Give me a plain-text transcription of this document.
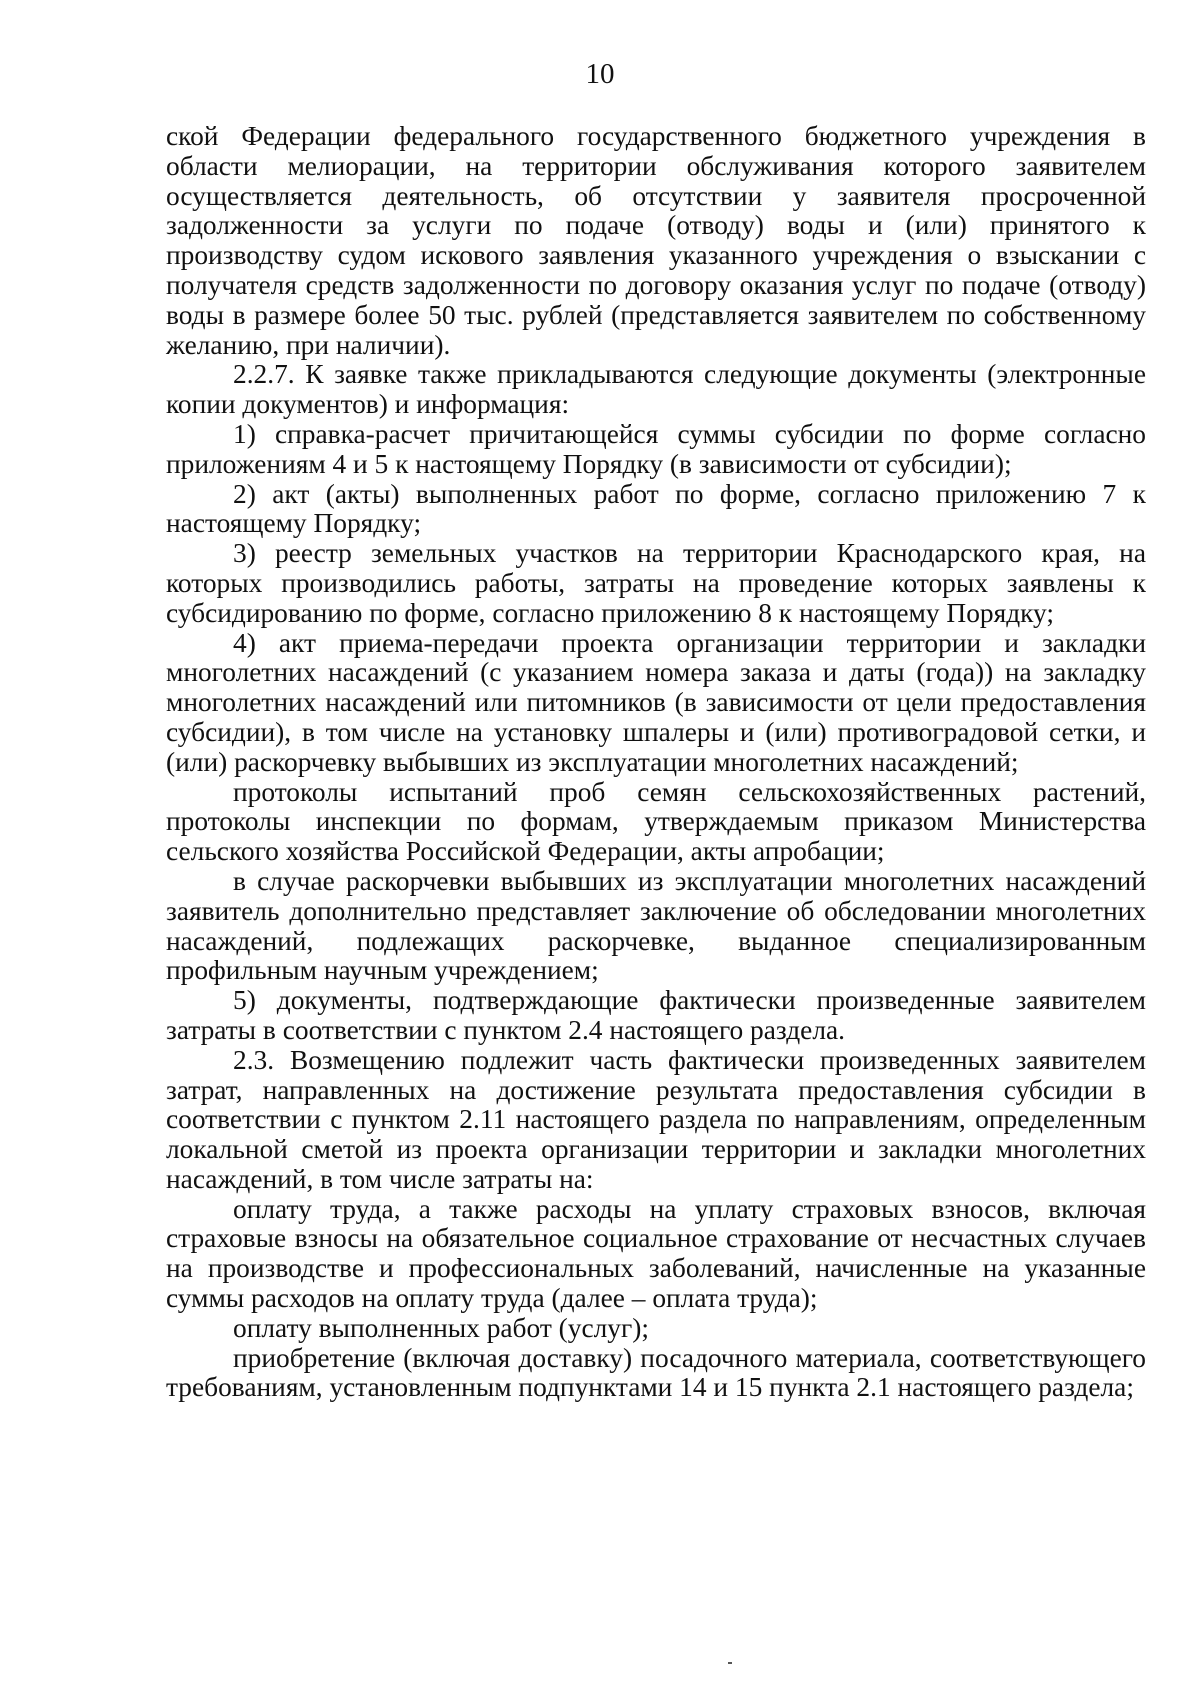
10

ской Федерации федерального государственного бюджетного учреждения в области мелиорации, на территории обслуживания которого заявителем осуществляется деятельность, об отсутствии у заявителя просроченной задолженности за услуги по подаче (отводу) воды и (или) принятого к производству судом искового заявления указанного учреждения о взыскании с получателя средств задолженности по договору оказания услуг по подаче (отводу) воды в размере более 50 тыс. рублей (представляется заявителем по собственному желанию, при наличии).

2.2.7. К заявке также прикладываются следующие документы (электронные копии документов) и информация:

1) справка-расчет причитающейся суммы субсидии по форме согласно приложениям 4 и 5 к настоящему Порядку (в зависимости от субсидии);

2) акт (акты) выполненных работ по форме, согласно приложению 7 к настоящему Порядку;

3) реестр земельных участков на территории Краснодарского края, на которых производились работы, затраты на проведение которых заявлены к субсидированию по форме, согласно приложению 8 к настоящему Порядку;

4) акт приема-передачи проекта организации территории и закладки многолетних насаждений (с указанием номера заказа и даты (года)) на закладку многолетних насаждений или питомников (в зависимости от цели предоставления субсидии), в том числе на установку шпалеры и (или) противоградовой сетки, и (или) раскорчевку выбывших из эксплуатации многолетних насаждений;

протоколы испытаний проб семян сельскохозяйственных растений, протоколы инспекции по формам, утверждаемым приказом Министерства сельского хозяйства Российской Федерации, акты апробации;

в случае раскорчевки выбывших из эксплуатации многолетних насаждений заявитель дополнительно представляет заключение об обследовании многолетних насаждений, подлежащих раскорчевке, выданное специализированным профильным научным учреждением;

5) документы, подтверждающие фактически произведенные заявителем затраты в соответствии с пунктом 2.4 настоящего раздела.

2.3. Возмещению подлежит часть фактически произведенных заявителем затрат, направленных на достижение результата предоставления субсидии в соответствии с пунктом 2.11 настоящего раздела по направлениям, определенным локальной сметой из проекта организации территории и закладки многолетних насаждений, в том числе затраты на:

оплату труда, а также расходы на уплату страховых взносов, включая страховые взносы на обязательное социальное страхование от несчастных случаев на производстве и профессиональных заболеваний, начисленные на указанные суммы расходов на оплату труда (далее – оплата труда);

оплату выполненных работ (услуг);

приобретение (включая доставку) посадочного материала, соответствующего требованиям, установленным подпунктами 14 и 15 пункта 2.1 настоящего раздела;
